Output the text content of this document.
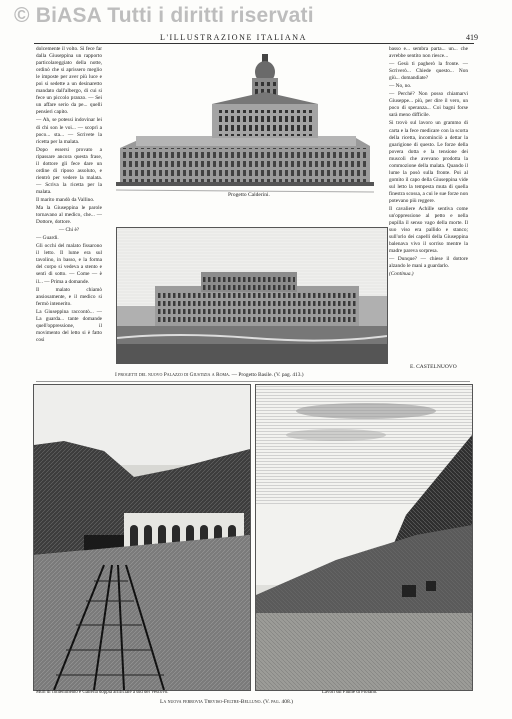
© BiASA Tutti i diritti riservati
L'ILLUSTRAZIONE ITALIANA	419

dolcemente il volto. Si fece far dalla Giuseppina un rapporto particolareggiato della notte, ordinò che si aprissero meglio le imposte per aver più luce e poi si sedette a un desinaretto mandato dall'albergo, di cui si fece un piccolo pranzo. — Sei un affare serio da pe... quelli pensieri capito.

— Ah, se potessi indovinar lei di chi son le voi... — scoprì a poco... sta... — Scrivete la ricetta per la malata.

Dopo essersi provato a ripassare ancora questa frase, il dottore gli fece dare un ordine di riposo assoluto, e rientrò per vedere la malata. — Scriva la ricetta per la malata.

Il marito mandò da Vallino.

Ma la Giuseppina le parole tornavano al medico, che... — Dottore, dottore.

— Chi è?

— Guardi.

Gli occhi del malato fissarono il letto. Il lume era sul tavolino, in basso, e la forma del corpo si vedeva a stento e sentì di sotto. — Come — è il... — Prima a domande.

Il malato chiamò ansiosamente, e il medico si fermò intenerito.

La Giuseppina raccontò... — La guarda... tante domande quell'oppressione, il movimento del letto si è fatto così

basso e... sembra parta... un... che avrebbe sentito non riesce...

— Gesù ti pagherò la fronte. — Scriverò... Chiede questo... Non giù... domandiate?

— No, no.

— Perchè? Non posso chiamarvi Giuseppe... più, per dire il vero, un poco di speranza... Coi bagni forse sarà meno difficile.

Si trovò sul lavoro un grammo di carta e la fece medicare con la scorta della ricetta, incominciò a dettar la guarigione di questo. Le forze della povera dotta e la tensione dei muscoli che avevano prodotta la commozione della malata. Quando il lume la posò sulla fronte. Poi al gomito il capo della Giuseppina vide sul letto la tempesta muta di quella finestra scossa, a cui le sue forze non potevano più reggere.

Il cavaliere Achille sentiva come un'oppressione al petto e nella pupilla il senso vago della morte. Il suo viso era pallido e stanco; sull'orlo dei capelli della Giuseppina balenava vivo il sorriso mentre la madre pareva sorpresa.

— Dunque? — chiese il dottore alzando le mani a guardarlo.

(Continua.)

E. CASTELNUOVO
Progetto Calderini.
I progetti del nuovo Palazzo di Giustizia a Roma. — Progetto Basile. (V. pag. 413.)
Muri di contenimento e Galleria doppia artificiale a sud del Vescovo.	Lavori sul Fiume di Fiorano.
La nuova ferrovia Treviso-Feltre-Belluno. (V. pag. 408.)
